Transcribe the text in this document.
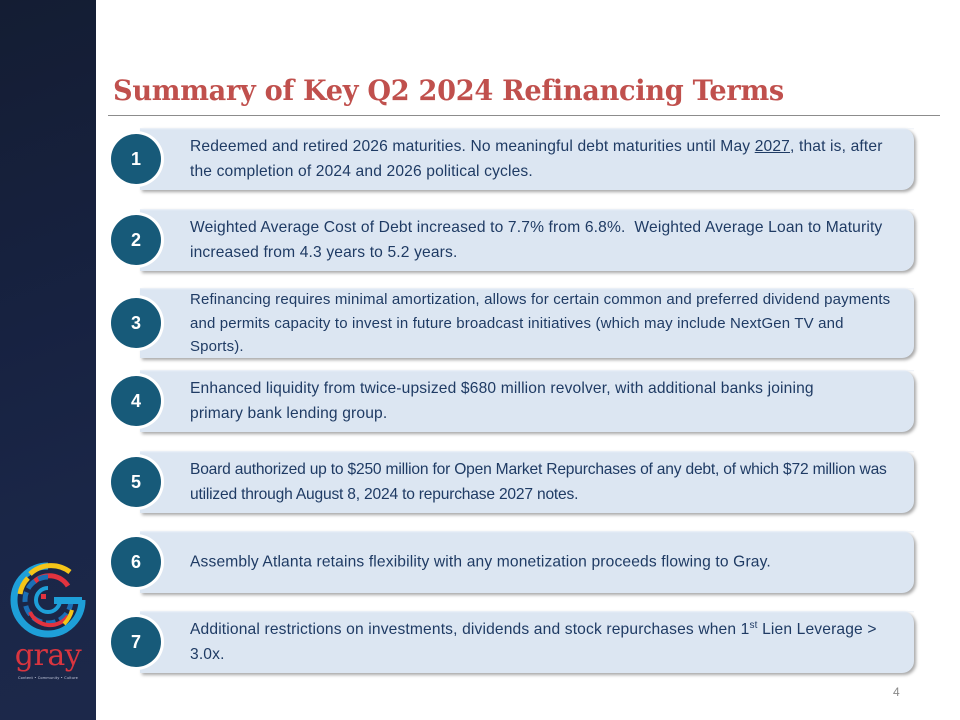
gray
Content • Community • Culture
Summary of Key Q2 2024 Refinancing Terms
1
Redeemed and retired 2026 maturities. No meaningful debt maturities until May 2027, that is, after the completion of 2024 and 2026 political cycles.
2
Weighted Average Cost of Debt increased to 7.7% from 6.8%.  Weighted Average Loan to Maturity increased from 4.3 years to 5.2 years.
3
Refinancing requires minimal amortization, allows for certain common and preferred dividend payments and permits capacity to invest in future broadcast initiatives (which may include NextGen TV and Sports).
4
Enhanced liquidity from twice-upsized $680 million revolver, with additional banks joining primary bank lending group.
5
Board authorized up to $250 million for Open Market Repurchases of any debt, of which $72 million was utilized through August 8, 2024 to repurchase 2027 notes.
6	Assembly Atlanta retains flexibility with any monetization proceeds flowing to Gray.
7
Additional restrictions on investments, dividends and stock repurchases when 1st Lien Leverage > 3.0x.
4
